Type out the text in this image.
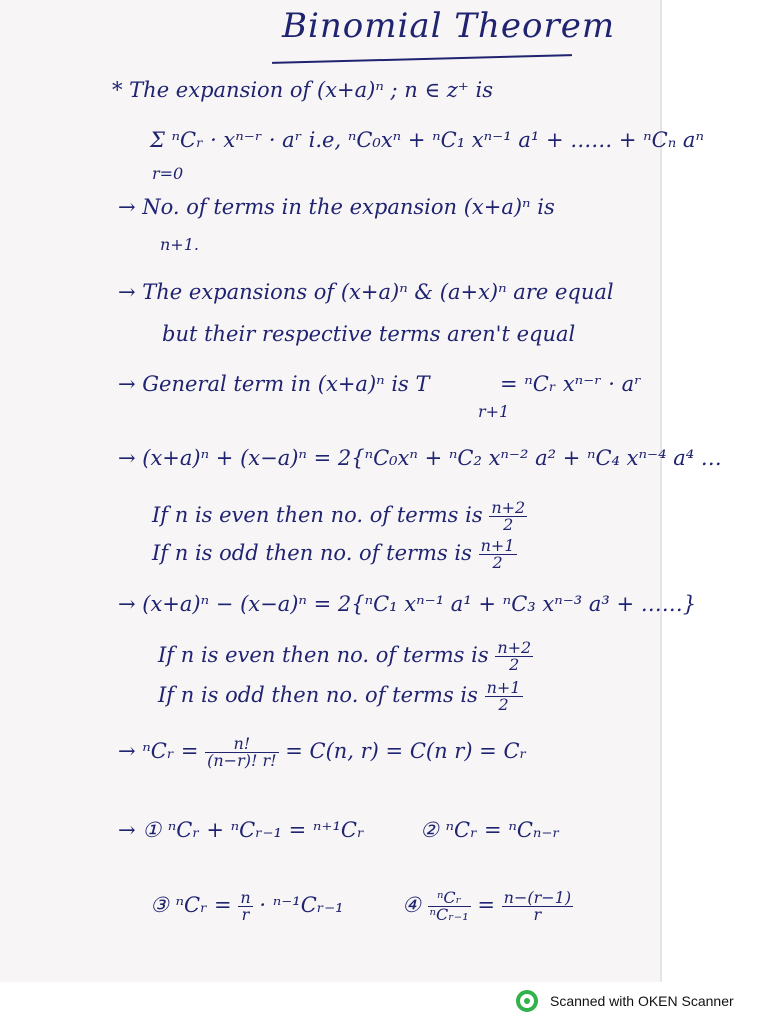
Binomial Theorem
* The expansion of (x+a)ⁿ ; n ∈ z⁺ is
Σ ⁿCᵣ · xⁿ⁻ʳ · aʳ i.e, ⁿC₀xⁿ + ⁿC₁ xⁿ⁻¹ a¹ + …… + ⁿCₙ aⁿ
r=0
→ No. of terms in the expansion (x+a)ⁿ is
n+1.
→ The expansions of (x+a)ⁿ & (a+x)ⁿ are equal
but their respective terms aren't equal
→ General term in (x+a)ⁿ is T	= ⁿCᵣ xⁿ⁻ʳ · aʳ
r+1
→ (x+a)ⁿ + (x−a)ⁿ = 2{ⁿC₀xⁿ + ⁿC₂ xⁿ⁻² a² + ⁿC₄ xⁿ⁻⁴ a⁴ …
If n is even then no. of terms is $\frac{n+2}{2}$
If n is odd then no. of terms is $\frac{n+1}{2}$
→ (x+a)ⁿ − (x−a)ⁿ = 2{ⁿC₁ xⁿ⁻¹ a¹ + ⁿC₃ xⁿ⁻³ a³ + ……}
If n is even then no. of terms is $\frac{n+2}{2}$
If n is odd then no. of terms is $\frac{n+1}{2}$
→ ⁿCᵣ = $\frac{n!}{(n-r)! r!} = C(n$, r) = C(n r) = Cᵣ
→ ① ⁿCᵣ + ⁿCᵣ₋₁ = ⁿ⁺¹Cᵣ	② ⁿCᵣ = ⁿCₙ₋ᵣ
③ ⁿCᵣ = $\frac{n}{r}$ · ⁿ⁻¹Cᵣ₋₁	④ $\frac{\text{ⁿCᵣ}}{\text{ⁿCᵣ₋₁}} = \frac{n-(r-1)}{r}$
Scanned with OKEN Scanner
